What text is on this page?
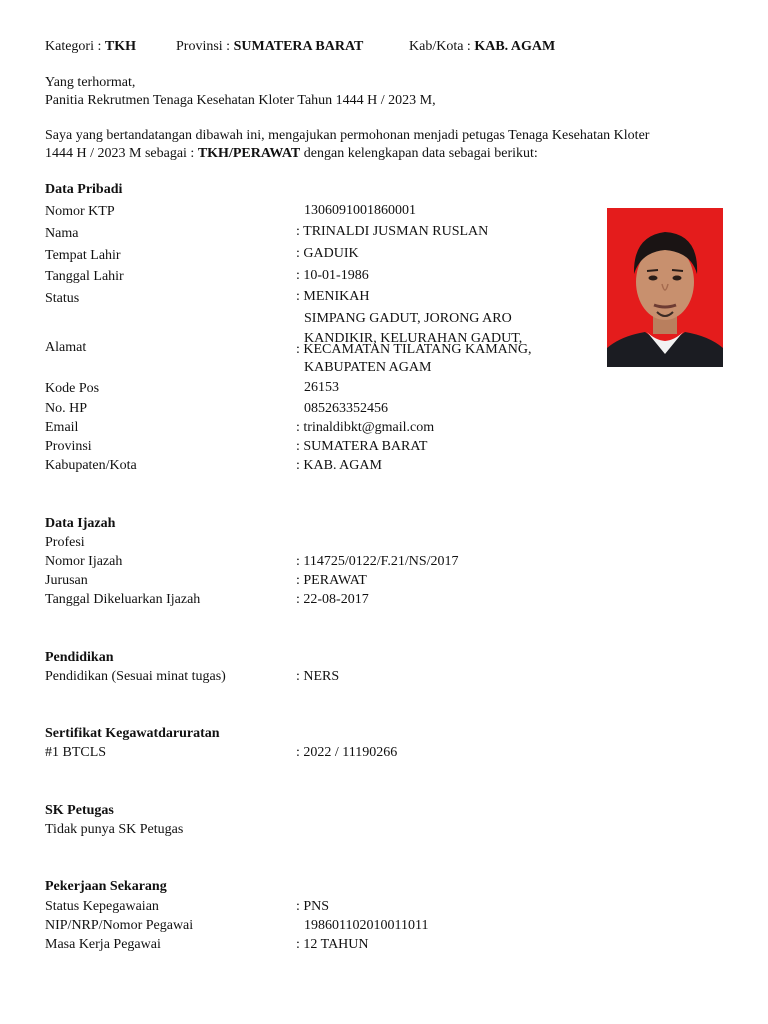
Kategori : TKH	Provinsi : SUMATERA BARAT	Kab/Kota : KAB. AGAM
Yang terhormat,
Panitia Rekrutmen Tenaga Kesehatan Kloter Tahun 1444 H / 2023 M,
Saya yang bertandatangan dibawah ini, mengajukan permohonan menjadi petugas Tenaga Kesehatan Kloter
1444 H / 2023 M sebagai : TKH/PERAWAT dengan kelengkapan data sebagai berikut:
Data Pribadi
Nomor KTP	1306091001860001
Nama	: TRINALDI JUSMAN RUSLAN
Tempat Lahir	: GADUIK
Tanggal Lahir	: 10-01-1986
Status	: MENIKAH
SIMPANG GADUT, JORONG ARO
KANDIKIR, KELURAHAN GADUT,
Alamat	: KECAMATAN TILATANG KAMANG,
KABUPATEN AGAM
Kode Pos	26153
No. HP	085263352456
Email	: trinaldibkt@gmail.com
Provinsi	: SUMATERA BARAT
Kabupaten/Kota	: KAB. AGAM
Data Ijazah
Profesi
Nomor Ijazah	: 114725/0122/F.21/NS/2017
Jurusan	: PERAWAT
Tanggal Dikeluarkan Ijazah	: 22-08-2017
Pendidikan
Pendidikan (Sesuai minat tugas)	: NERS
Sertifikat Kegawatdaruratan
#1 BTCLS	: 2022 / 11190266
SK Petugas
Tidak punya SK Petugas
Pekerjaan Sekarang
Status Kepegawaian	: PNS
NIP/NRP/Nomor Pegawai	198601102010011011
Masa Kerja Pegawai	: 12 TAHUN
